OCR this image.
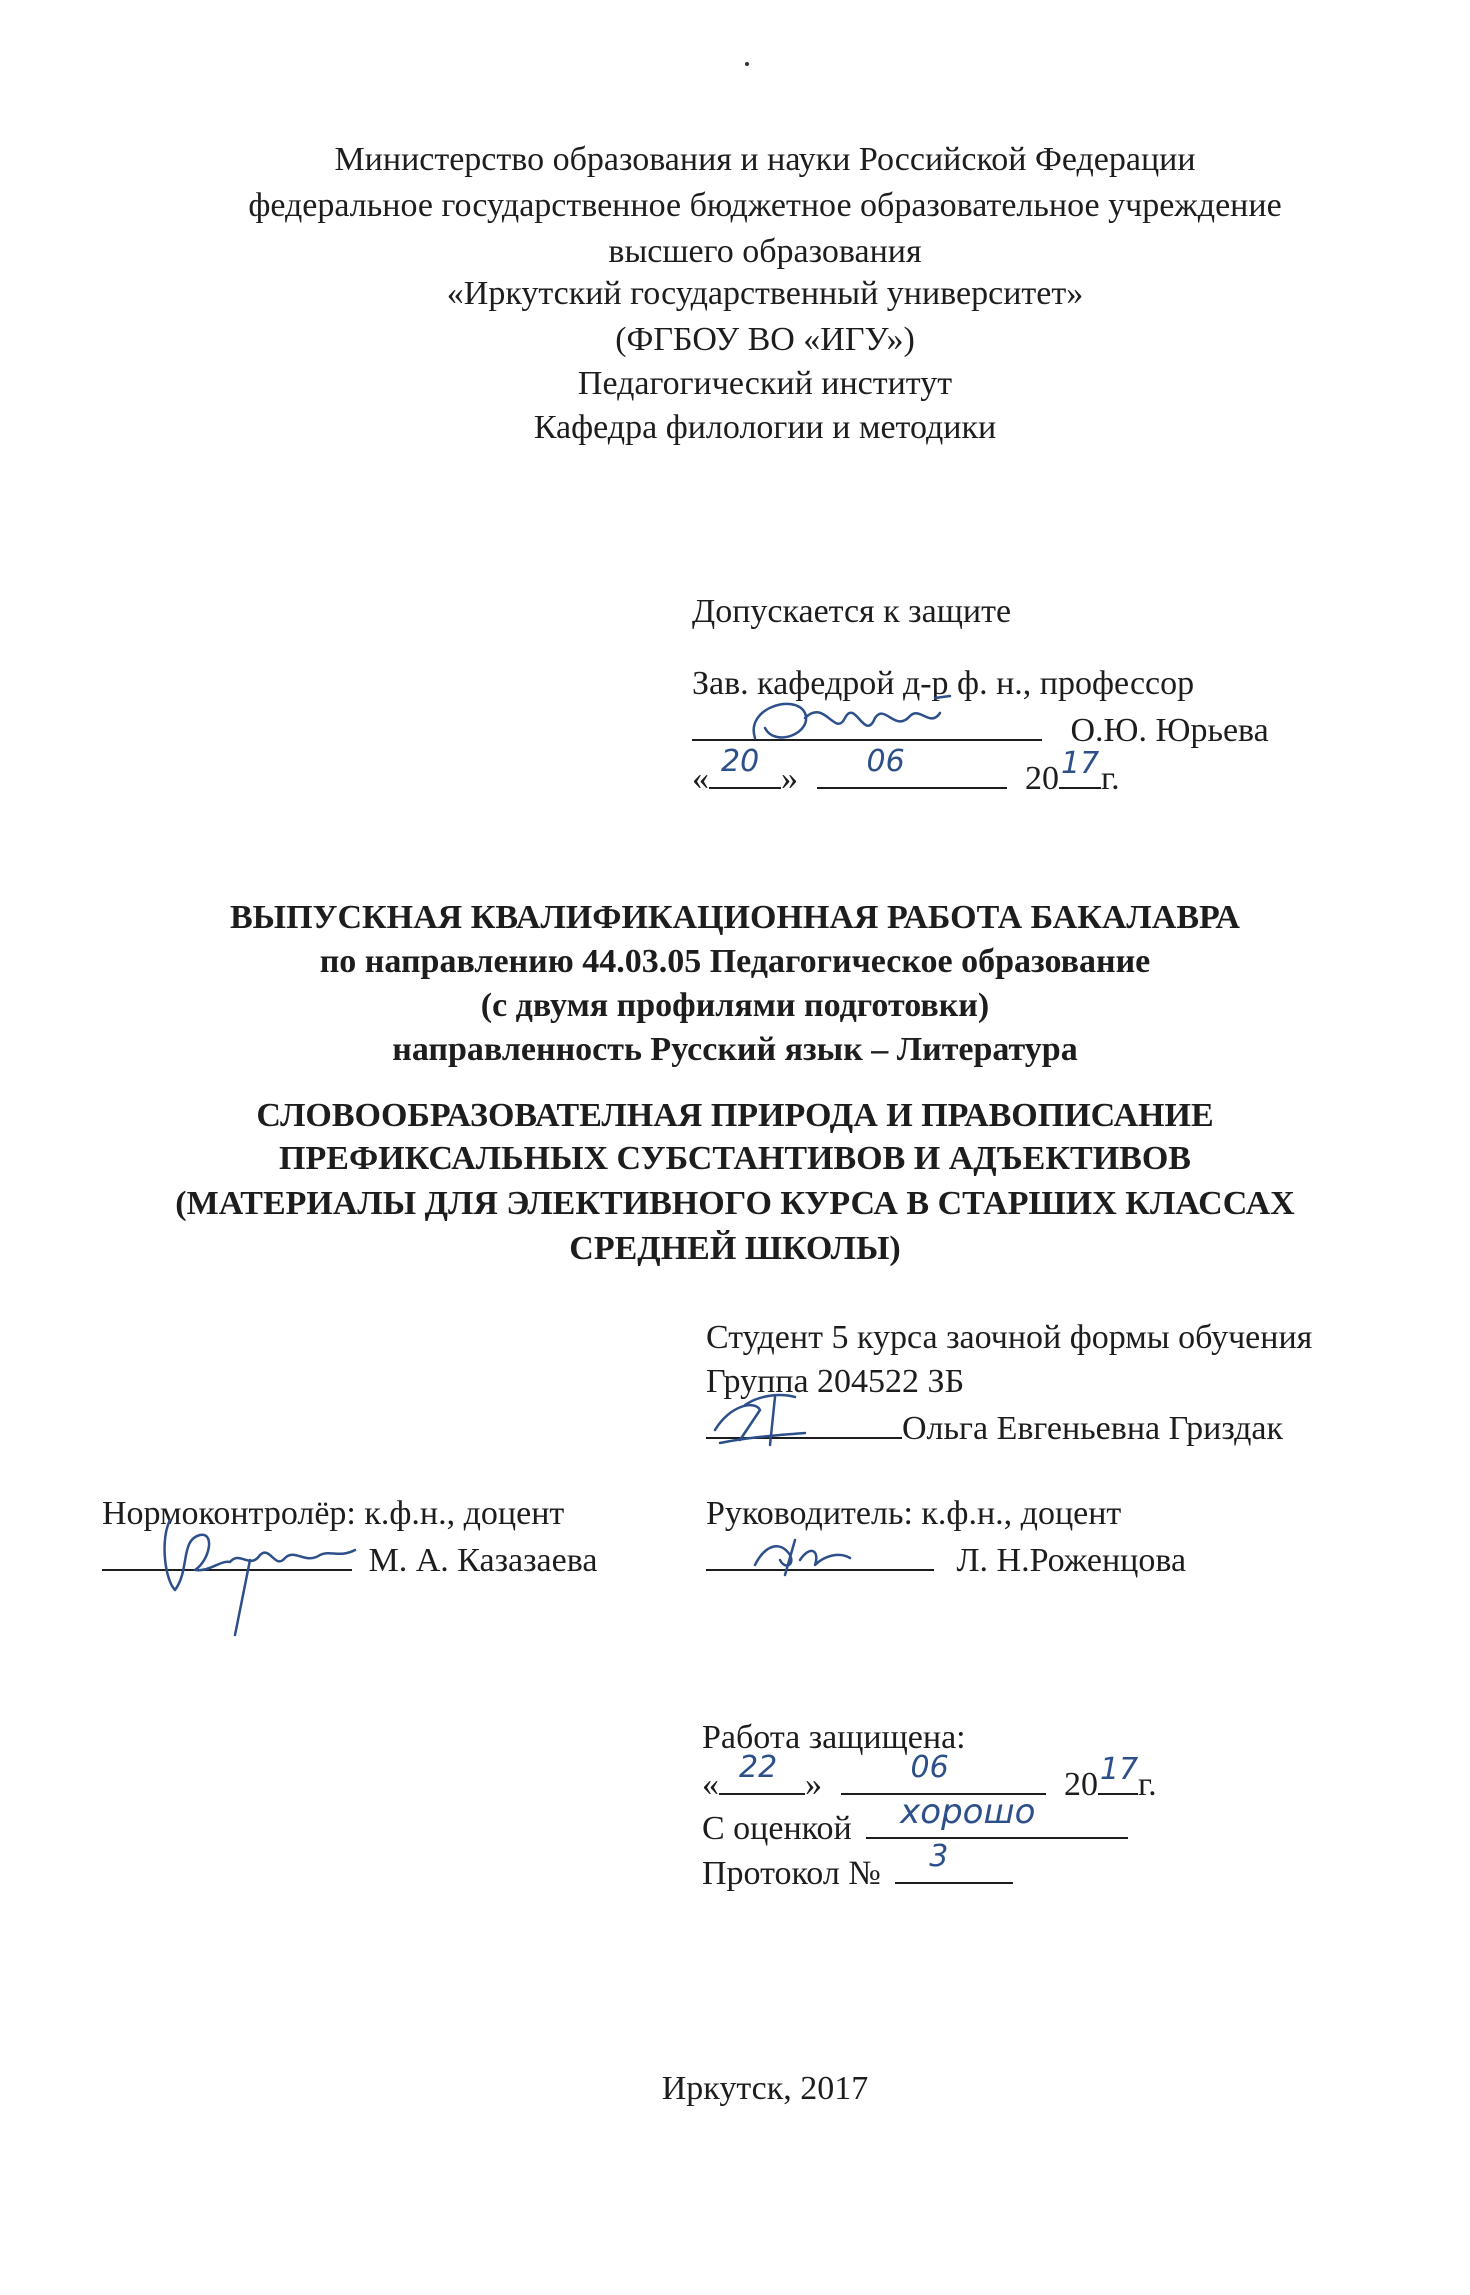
Министерство образования и науки Российской Федерации
федеральное государственное бюджетное образовательное учреждение
высшего образования
«Иркутский государственный университет»
(ФГБОУ ВО «ИГУ»)
Педагогический институт
Кафедра филологии и методики
Допускается к защите
Зав. кафедрой д-р ф. н., профессор
О.Ю. Юрьева
« 20 » 06	20 17 г.
ВЫПУСКНАЯ КВАЛИФИКАЦИОННАЯ РАБОТА БАКАЛАВРА
по направлению 44.03.05 Педагогическое образование
(с двумя профилями подготовки)
направленность Русский язык – Литература
СЛОВООБРАЗОВАТЕЛНАЯ ПРИРОДА И ПРАВОПИСАНИЕ
ПРЕФИКСАЛЬНЫХ СУБСТАНТИВОВ И АДЪЕКТИВОВ
(МАТЕРИАЛЫ ДЛЯ ЭЛЕКТИВНОГО КУРСА В СТАРШИХ КЛАССАХ
СРЕДНЕЙ ШКОЛЫ)
Студент 5 курса заочной формы обучения
Группа 204522 ЗБ
Ольга Евгеньевна Гриздак
Нормоконтролёр: к.ф.н., доцент
М. А. Казазаева
Руководитель: к.ф.н., доцент
Л. Н.Роженцова
Работа защищена:
« 22 »	06	20 17 г.
С оценкой хорошо
Протокол № 3
Иркутск, 2017
